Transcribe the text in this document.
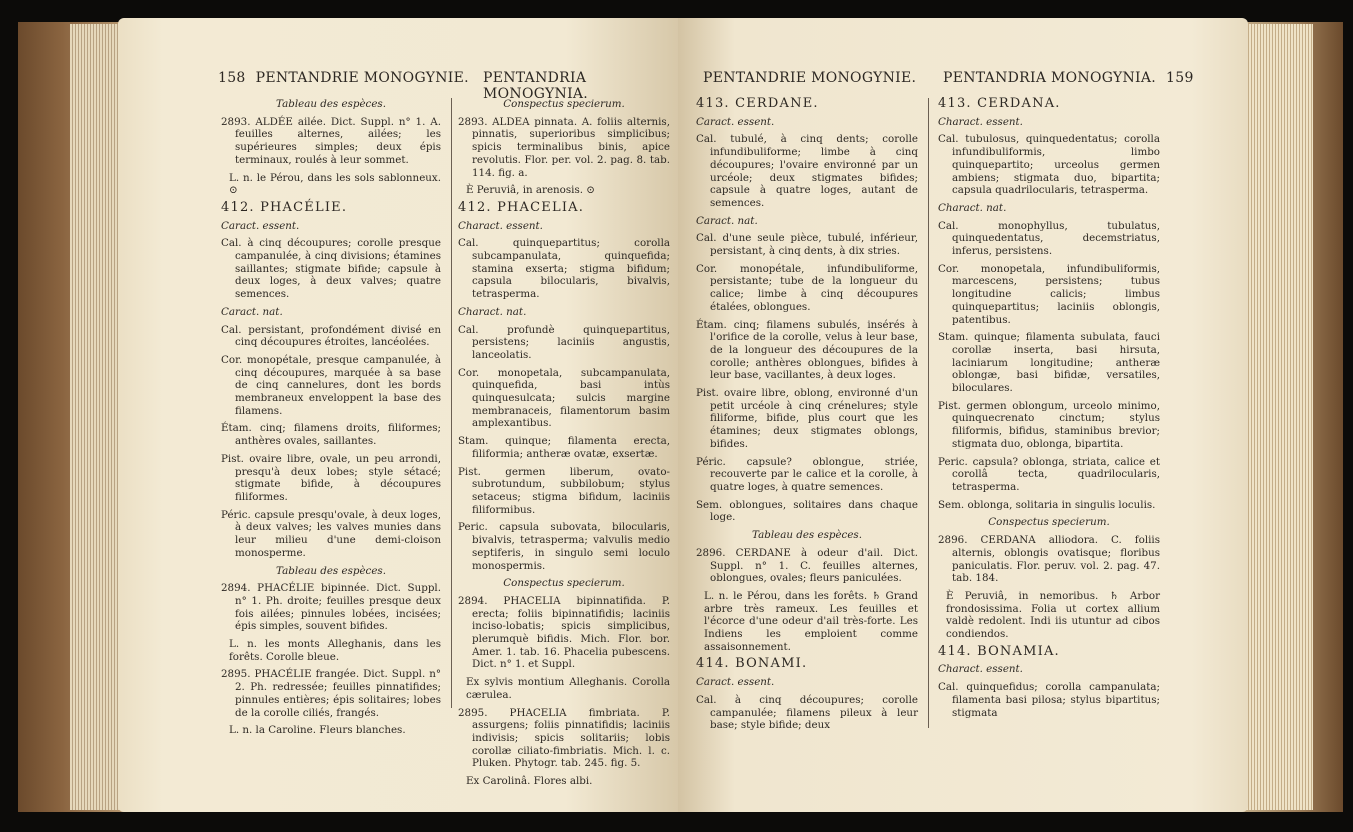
158 PENTANDRIE MONOGYNIE. PENTANDRIA MONOGYNIA.

Tableau des espèces.

2893. ALDÉE ailée. Dict. Suppl. n° 1. A. feuilles alternes, ailées; les supérieures simples; deux épis terminaux, roulés à leur sommet.

L. n. le Pérou, dans les sols sablonneux. ⊙

412. PHACÉLIE.

Caract. essent.

Cal. à cinq découpures; corolle presque campanulée, à cinq divisions; étamines saillantes; stigmate bifide; capsule à deux loges, à deux valves; quatre semences.

Caract. nat.

Cal. persistant, profondément divisé en cinq découpures étroites, lancéolées.

Cor. monopétale, presque campanulée, à cinq découpures, marquée à sa base de cinq cannelures, dont les bords membraneux enveloppent la base des filamens.

Étam. cinq; filamens droits, filiformes; anthères ovales, saillantes.

Pist. ovaire libre, ovale, un peu arrondi, presqu'à deux lobes; style sétacé; stigmate bifide, à découpures filiformes.

Péric. capsule presqu'ovale, à deux loges, à deux valves; les valves munies dans leur milieu d'une demi-cloison monosperme.

Tableau des espèces.

2894. PHACÉLIE bipinnée. Dict. Suppl. n° 1. Ph. droite; feuilles presque deux fois ailées; pinnules lobées, incisées; épis simples, souvent bifides.

L. n. les monts Alleghanis, dans les forêts. Corolle bleue.

2895. PHACÉLIE frangée. Dict. Suppl. n° 2. Ph. redressée; feuilles pinnatifides; pinnules entières; épis solitaires; lobes de la corolle ciliés, frangés.

L. n. la Caroline. Fleurs blanches.

Conspectus specierum.

2893. ALDEA pinnata. A. foliis alternis, pinnatis, superioribus simplicibus; spicis terminalibus binis, apice revolutis. Flor. per. vol. 2. pag. 8. tab. 114. fig. a.

È Peruviâ, in arenosis. ⊙

412. PHACELIA.

Charact. essent.

Cal. quinquepartitus; corolla subcampanulata, quinquefida; stamina exserta; stigma bifidum; capsula bilocularis, bivalvis, tetrasperma.

Charact. nat.

Cal. profundè quinquepartitus, persistens; laciniis angustis, lanceolatis.

Cor. monopetala, subcampanulata, quinquefida, basi intùs quinquesulcata; sulcis margine membranaceis, filamentorum basim amplexantibus.

Stam. quinque; filamenta erecta, filiformia; antheræ ovatæ, exsertæ.

Pist. germen liberum, ovato-subrotundum, subbilobum; stylus setaceus; stigma bifidum, laciniis filiformibus.

Peric. capsula subovata, bilocularis, bivalvis, tetrasperma; valvulis medio septiferis, in singulo semi loculo monospermis.

Conspectus specierum.

2894. PHACELIA bipinnatifida. P. erecta; foliis bipinnatifidis; laciniis inciso-lobatis; spicis simplicibus, plerumquè bifidis. Mich. Flor. bor. Amer. 1. tab. 16. Phacelia pubescens. Dict. n° 1. et Suppl.

Ex sylvis montium Alleghanis. Corolla cærulea.

2895. PHACELIA fimbriata. P. assurgens; foliis pinnatifidis; laciniis indivisis; spicis solitariis; lobis corollæ ciliato-fimbriatis. Mich. l. c. Pluken. Phytogr. tab. 245. fig. 5.

Ex Carolinâ. Flores albi.

PENTANDRIE MONOGYNIE. PENTANDRIA MONOGYNIA. 159

413. CERDANE.

Caract. essent.

Cal. tubulé, à cinq dents; corolle infundibuliforme; limbe à cinq découpures; l'ovaire environné par un urcéole; deux stigmates bifides; capsule à quatre loges, autant de semences.

Caract. nat.

Cal. d'une seule pièce, tubulé, inférieur, persistant, à cinq dents, à dix stries.

Cor. monopétale, infundibuliforme, persistante; tube de la longueur du calice; limbe à cinq découpures étalées, oblongues.

Étam. cinq; filamens subulés, insérés à l'orifice de la corolle, velus à leur base, de la longueur des découpures de la corolle; anthères oblongues, bifides à leur base, vacillantes, à deux loges.

Pist. ovaire libre, oblong, environné d'un petit urcéole à cinq crénelures; style filiforme, bifide, plus court que les étamines; deux stigmates oblongs, bifides.

Péric. capsule? oblongue, striée, recouverte par le calice et la corolle, à quatre loges, à quatre semences.

Sem. oblongues, solitaires dans chaque loge.

Tableau des espèces.

2896. CERDANE à odeur d'ail. Dict. Suppl. n° 1. C. feuilles alternes, oblongues, ovales; fleurs paniculées.

L. n. le Pérou, dans les forêts. ♄ Grand arbre très rameux. Les feuilles et l'écorce d'une odeur d'ail très-forte. Les Indiens les emploient comme assaisonnement.

414. BONAMI.

Caract. essent.

Cal. à cinq découpures; corolle campanulée; filamens pileux à leur base; style bifide; deux

413. CERDANA.

Charact. essent.

Cal. tubulosus, quinquedentatus; corolla infundibuliformis, limbo quinquepartito; urceolus germen ambiens; stigmata duo, bipartita; capsula quadrilocularis, tetrasperma.

Charact. nat.

Cal. monophyllus, tubulatus, quinquedentatus, decemstriatus, inferus, persistens.

Cor. monopetala, infundibuliformis, marcescens, persistens; tubus longitudine calicis; limbus quinquepartitus; laciniis oblongis, patentibus.

Stam. quinque; filamenta subulata, fauci corollæ inserta, basi hirsuta, laciniarum longitudine; antheræ oblongæ, basi bifidæ, versatiles, biloculares.

Pist. germen oblongum, urceolo minimo, quinquecrenato cinctum; stylus filiformis, bifidus, staminibus brevior; stigmata duo, oblonga, bipartita.

Peric. capsula? oblonga, striata, calice et corollâ tecta, quadrilocularis, tetrasperma.

Sem. oblonga, solitaria in singulis loculis.

Conspectus specierum.

2896. CERDANA alliodora. C. foliis alternis, oblongis ovatisque; floribus paniculatis. Flor. peruv. vol. 2. pag. 47. tab. 184.

È Peruviâ, in nemoribus. ♄ Arbor frondosissima. Folia ut cortex allium valdè redolent. Indi iis utuntur ad cibos condiendos.

414. BONAMIA.

Charact. essent.

Cal. quinquefidus; corolla campanulata; filamenta basi pilosa; stylus bipartitus; stigmata
